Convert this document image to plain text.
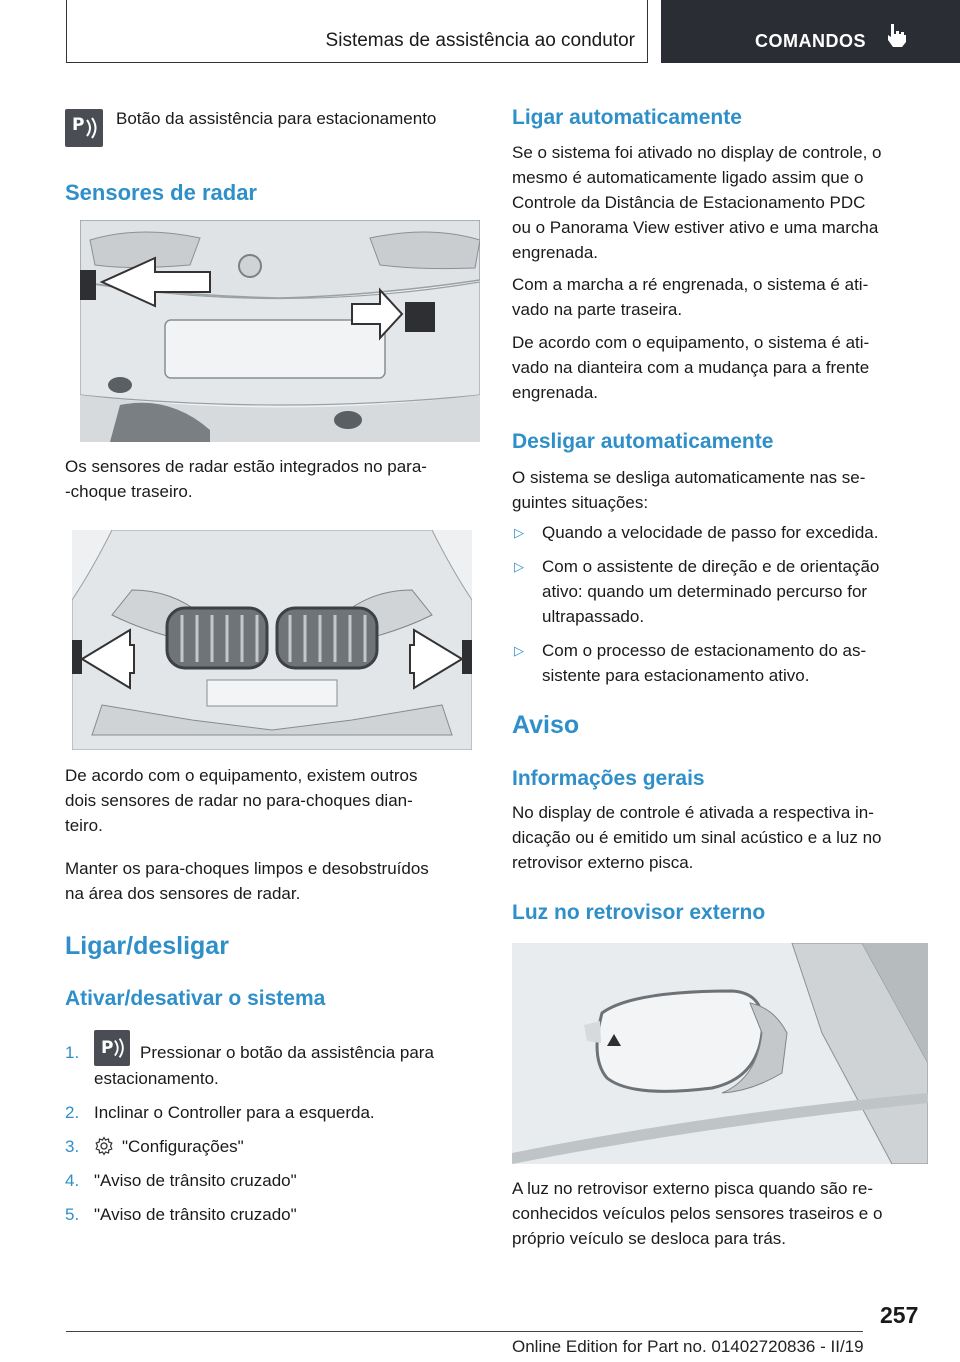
Sistemas de assistência ao condutor	COMANDOS
P Botão da assistência para estacionamento

Sensores de radar

Os sensores de radar estão integrados no para-
-choque traseiro.

De acordo com o equipamento, existem outros
dois sensores de radar no para-choques dian-
teiro.

Manter os para-choques limpos e desobstruídos
na área dos sensores de radar.

Ligar/desligar
Ativar/desativar o sistema
1. P Pressionar o botão da assistência para
estacionamento.
2. Inclinar o Controller para a esquerda.
3.	"Configurações"
4. "Aviso de trânsito cruzado"
5. "Aviso de trânsito cruzado"
Ligar automaticamente

Se o sistema foi ativado no display de controle, o
mesmo é automaticamente ligado assim que o
Controle da Distância de Estacionamento PDC
ou o Panorama View estiver ativo e uma marcha
engrenada.

Com a marcha a ré engrenada, o sistema é ati-
vado na parte traseira.

De acordo com o equipamento, o sistema é ati-
vado na dianteira com a mudança para a frente
engrenada.

Desligar automaticamente

O sistema se desliga automaticamente nas se-
guintes situações:

▷ Quando a velocidade de passo for excedida.
▷ Com o assistente de direção e de orientação
ativo: quando um determinado percurso for
ultrapassado.
▷ Com o processo de estacionamento do as-
sistente para estacionamento ativo.
Aviso
Informações gerais

No display de controle é ativada a respectiva in-
dicação ou é emitido um sinal acústico e a luz no
retrovisor externo pisca.

Luz no retrovisor externo

A luz no retrovisor externo pisca quando são re-
conhecidos veículos pelos sensores traseiros e o
próprio veículo se desloca para trás.

257
Online Edition for Part no. 01402720836 - II/19
